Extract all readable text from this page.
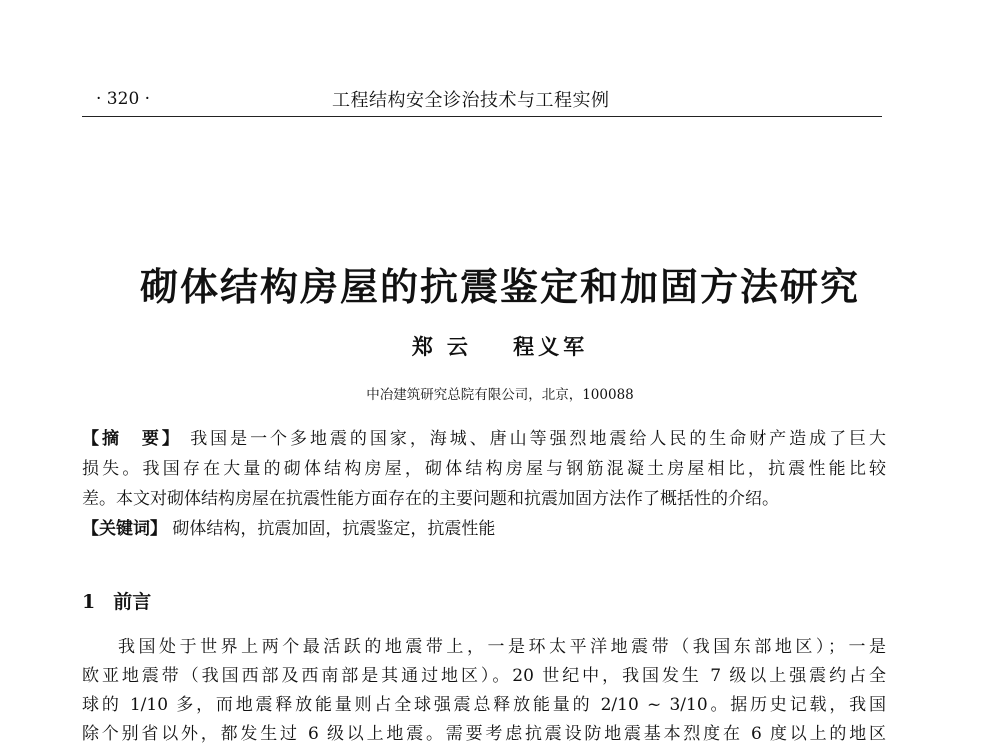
· 320 ·	工程结构安全诊治技术与工程实例
砌体结构房屋的抗震鉴定和加固方法研究
郑云 程义军
中冶建筑研究总院有限公司，北京，100088

【摘　要】 我国是一个多地震的国家，海城、唐山等强烈地震给人民的生命财产造成了巨大

损失。我国存在大量的砌体结构房屋，砌体结构房屋与钢筋混凝土房屋相比，抗震性能比较

差。本文对砌体结构房屋在抗震性能方面存在的主要问题和抗震加固方法作了概括性的介绍。

【关键词】 砌体结构，抗震加固，抗震鉴定，抗震性能
1 前言
我国处于世界上两个最活跃的地震带上，一是环太平洋地震带（我国东部地区）；一是
欧亚地震带（我国西部及西南部是其通过地区）。20 世纪中，我国发生 7 级以上强震约占全
球的 1/10 多，而地震释放能量则占全球强震总释放能量的 2/10 ~ 3/10。据历史记载，我国
除个别省以外，都发生过 6 级以上地震。需要考虑抗震设防地震基本烈度在 6 度以上的地区
